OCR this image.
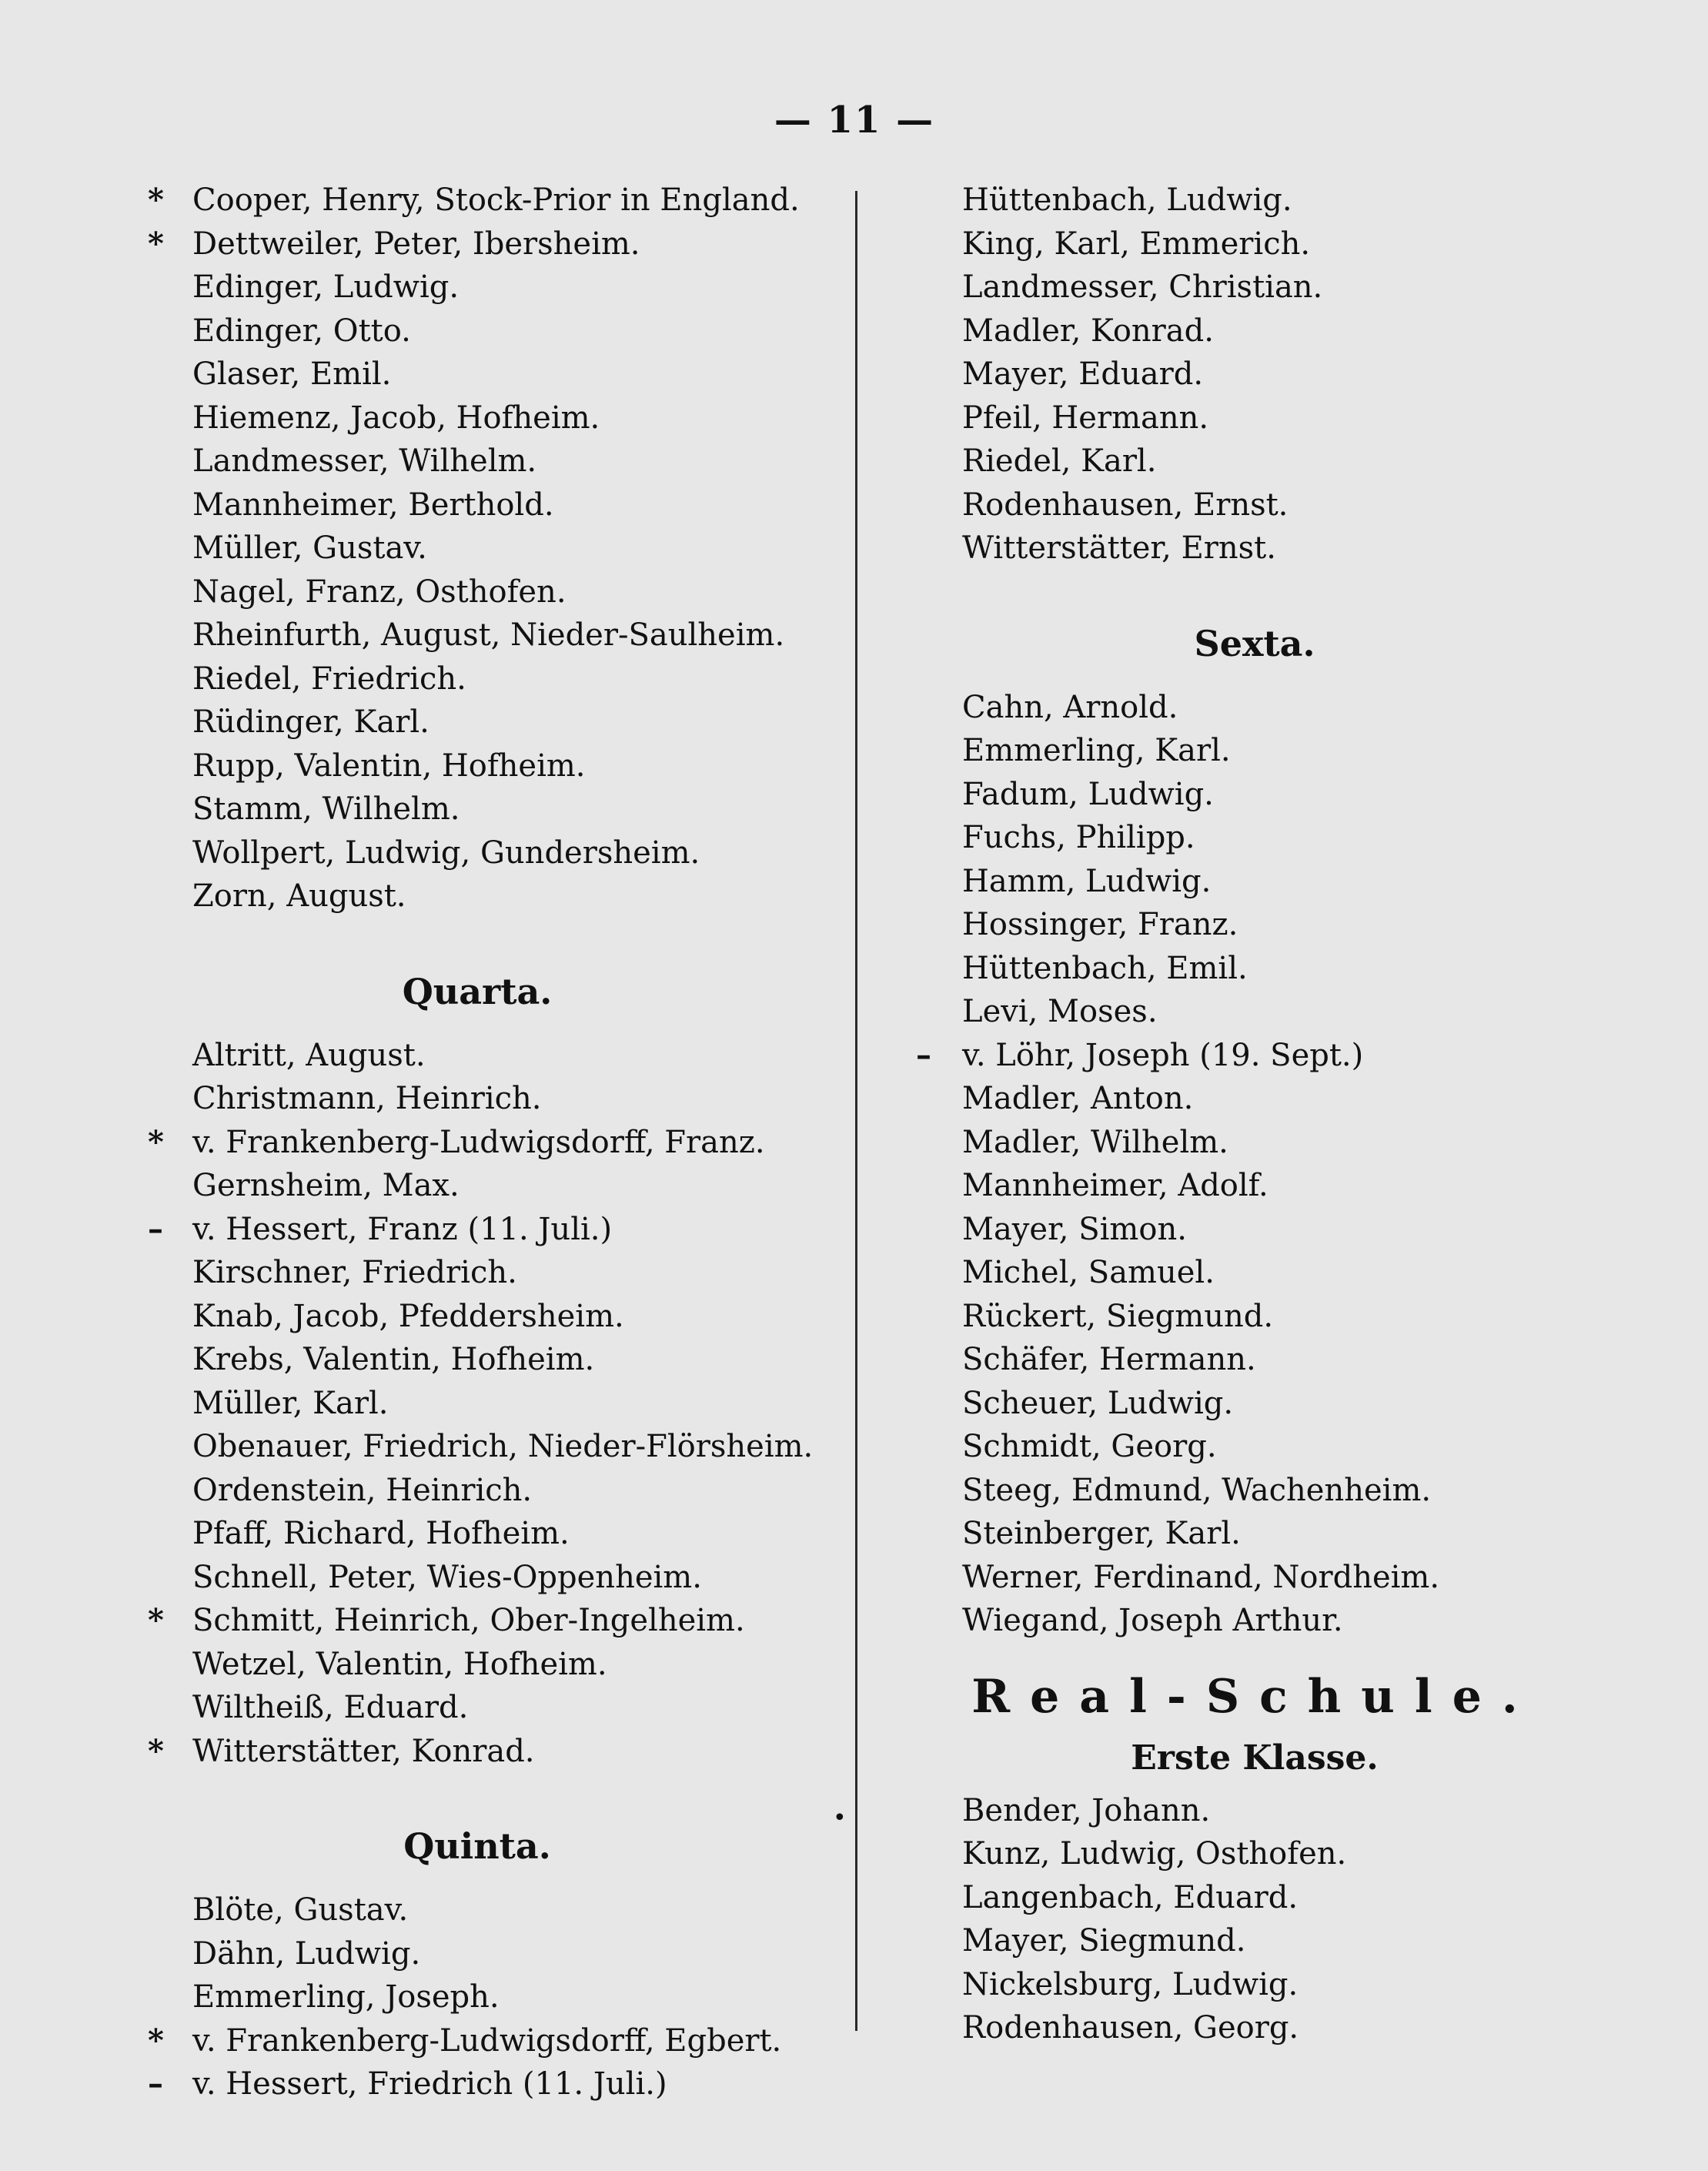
— 11 —
* Cooper, Henry, Stock-Prior in England.
* Dettweiler, Peter, Ibersheim.
Edinger, Ludwig.
Edinger, Otto.
Glaser, Emil.
Hiemenz, Jacob, Hofheim.
Landmesser, Wilhelm.
Mannheimer, Berthold.
Müller, Gustav.
Nagel, Franz, Osthofen.
Rheinfurth, August, Nieder-Saulheim.
Riedel, Friedrich.
Rüdinger, Karl.
Rupp, Valentin, Hofheim.
Stamm, Wilhelm.
Wollpert, Ludwig, Gundersheim.
Zorn, August.
Quarta.
Altritt, August.
Christmann, Heinrich.
* v. Frankenberg-Ludwigsdorff, Franz.
Gernsheim, Max.
– v. Hessert, Franz (11. Juli.)
Kirschner, Friedrich.
Knab, Jacob, Pfeddersheim.
Krebs, Valentin, Hofheim.
Müller, Karl.
Obenauer, Friedrich, Nieder-Flörsheim.
Ordenstein, Heinrich.
Pfaff, Richard, Hofheim.
Schnell, Peter, Wies-Oppenheim.
* Schmitt, Heinrich, Ober-Ingelheim.
Wetzel, Valentin, Hofheim.
Wiltheiß, Eduard.
* Witterstätter, Konrad.
Quinta.
Blöte, Gustav.
Dähn, Ludwig.
Emmerling, Joseph.
* v. Frankenberg-Ludwigsdorff, Egbert.
– v. Hessert, Friedrich (11. Juli.)
Hüttenbach, Ludwig.
King, Karl, Emmerich.
Landmesser, Christian.
Madler, Konrad.
Mayer, Eduard.
Pfeil, Hermann.
Riedel, Karl.
Rodenhausen, Ernst.
Witterstätter, Ernst.
Sexta.
Cahn, Arnold.
Emmerling, Karl.
Fadum, Ludwig.
Fuchs, Philipp.
Hamm, Ludwig.
Hossinger, Franz.
Hüttenbach, Emil.
Levi, Moses.
–	v. Löhr, Joseph (19. Sept.)
Madler, Anton.
Madler, Wilhelm.
Mannheimer, Adolf.
Mayer, Simon.
Michel, Samuel.
Rückert, Siegmund.
Schäfer, Hermann.
Scheuer, Ludwig.
Schmidt, Georg.
Steeg, Edmund, Wachenheim.
Steinberger, Karl.
Werner, Ferdinand, Nordheim.
Wiegand, Joseph Arthur.
Real-Schule.
Erste Klasse.
Bender, Johann.
Kunz, Ludwig, Osthofen.
Langenbach, Eduard.
Mayer, Siegmund.
Nickelsburg, Ludwig.
Rodenhausen, Georg.
•
